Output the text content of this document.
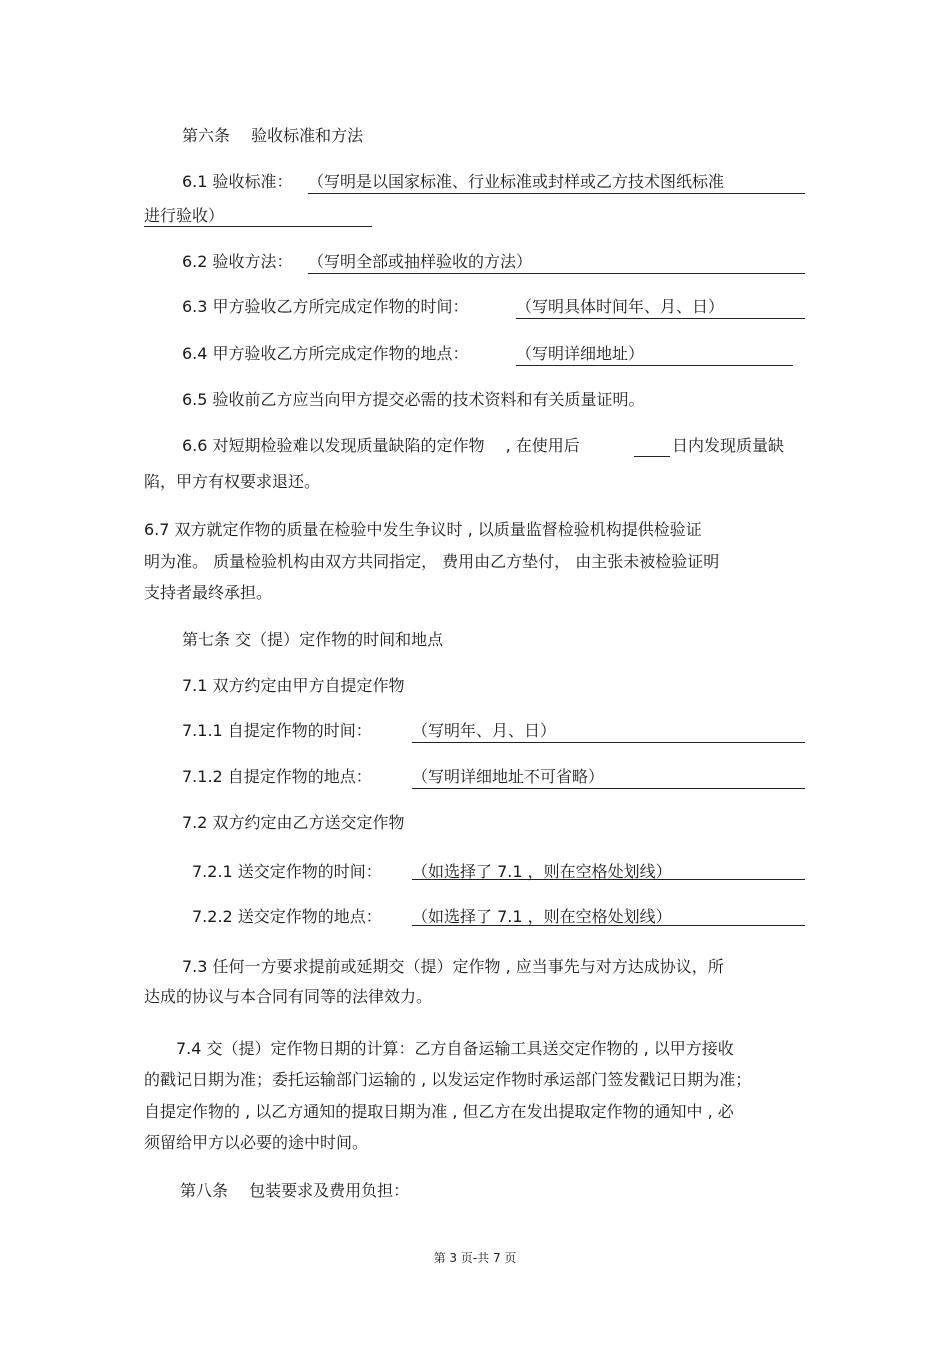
第六条　 验收标准和方法
6.1 验收标准： （写明是以国家标准、行业标准或封样或乙方技术图纸标准
进行验收）
6.2 验收方法： （写明全部或抽样验收的方法）
6.3 甲方验收乙方所完成定作物的时间：	（写明具体时间年、月、日）
6.4 甲方验收乙方所完成定作物的地点：	（写明详细地址）
6.5 验收前乙方应当向甲方提交必需的技术资料和有关质量证明。
6.6 对短期检验难以发现质量缺陷的定作物　 , 在使用后	日内发现质量缺
陷，甲方有权要求退还。
6.7 双方就定作物的质量在检验中发生争议时 , 以质量监督检验机构提供检验证
明为准。 质量检验机构由双方共同指定， 费用由乙方垫付， 由主张未被检验证明
支持者最终承担。
第七条 交（提）定作物的时间和地点
7.1 双方约定由甲方自提定作物
7.1.1 自提定作物的时间：	（写明年、月、日）
7.1.2 自提定作物的地点：	（写明详细地址不可省略）
7.2 双方约定由乙方送交定作物
7.2.1 送交定作物的时间： （如选择了 7.1 ，则在空格处划线）
7.2.2 送交定作物的地点： （如选择了 7.1 ，则在空格处划线）
7.3 任何一方要求提前或延期交（提）定作物 , 应当事先与对方达成协议，所
达成的协议与本合同有同等的法律效力。
7.4 交（提）定作物日期的计算：乙方自备运输工具送交定作物的 , 以甲方接收
的戳记日期为准；委托运输部门运输的 , 以发运定作物时承运部门签发戳记日期为准；
自提定作物的 , 以乙方通知的提取日期为准 , 但乙方在发出提取定作物的通知中 , 必
须留给甲方以必要的途中时间。
第八条　 包装要求及费用负担：
第 3 页-共 7 页
